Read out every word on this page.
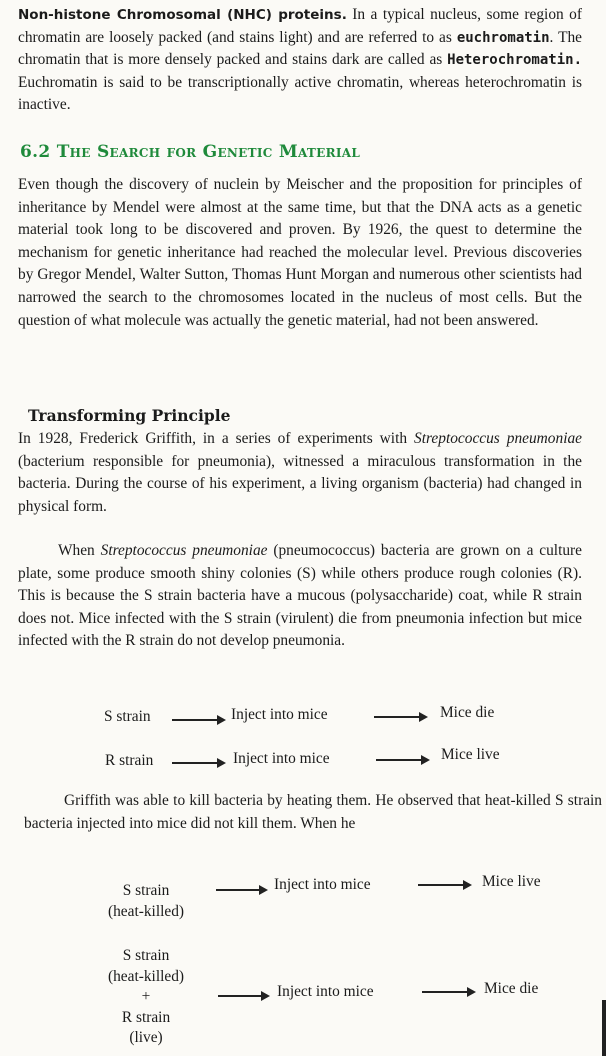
Non-histone Chromosomal (NHC) proteins. In a typical nucleus, some region of chromatin are loosely packed (and stains light) and are referred to as euchromatin. The chromatin that is more densely packed and stains dark are called as Heterochromatin. Euchromatin is said to be transcriptionally active chromatin, whereas heterochromatin is inactive.

6.2 The Search for Genetic Material

Even though the discovery of nuclein by Meischer and the proposition for principles of inheritance by Mendel were almost at the same time, but that the DNA acts as a genetic material took long to be discovered and proven. By 1926, the quest to determine the mechanism for genetic inheritance had reached the molecular level. Previous discoveries by Gregor Mendel, Walter Sutton, Thomas Hunt Morgan and numerous other scientists had narrowed the search to the chromosomes located in the nucleus of most cells. But the question of what molecule was actually the genetic material, had not been answered.

Transforming Principle

In 1928, Frederick Griffith, in a series of experiments with Streptococcus pneumoniae (bacterium responsible for pneumonia), witnessed a miraculous transformation in the bacteria. During the course of his experiment, a living organism (bacteria) had changed in physical form.

When Streptococcus pneumoniae (pneumococcus) bacteria are grown on a culture plate, some produce smooth shiny colonies (S) while others produce rough colonies (R). This is because the S strain bacteria have a mucous (polysaccharide) coat, while R strain does not. Mice infected with the S strain (virulent) die from pneumonia infection but mice infected with the R strain do not develop pneumonia.

S strain	Inject into mice	Mice die
R strain	Inject into mice	Mice live

Griffith was able to kill bacteria by heating them. He observed that heat-killed S strain bacteria injected into mice did not kill them. When he

S strain
(heat-killed)
Inject into mice	Mice live
S strain
(heat-killed)
+
R strain
(live)
Inject into mice	Mice die
